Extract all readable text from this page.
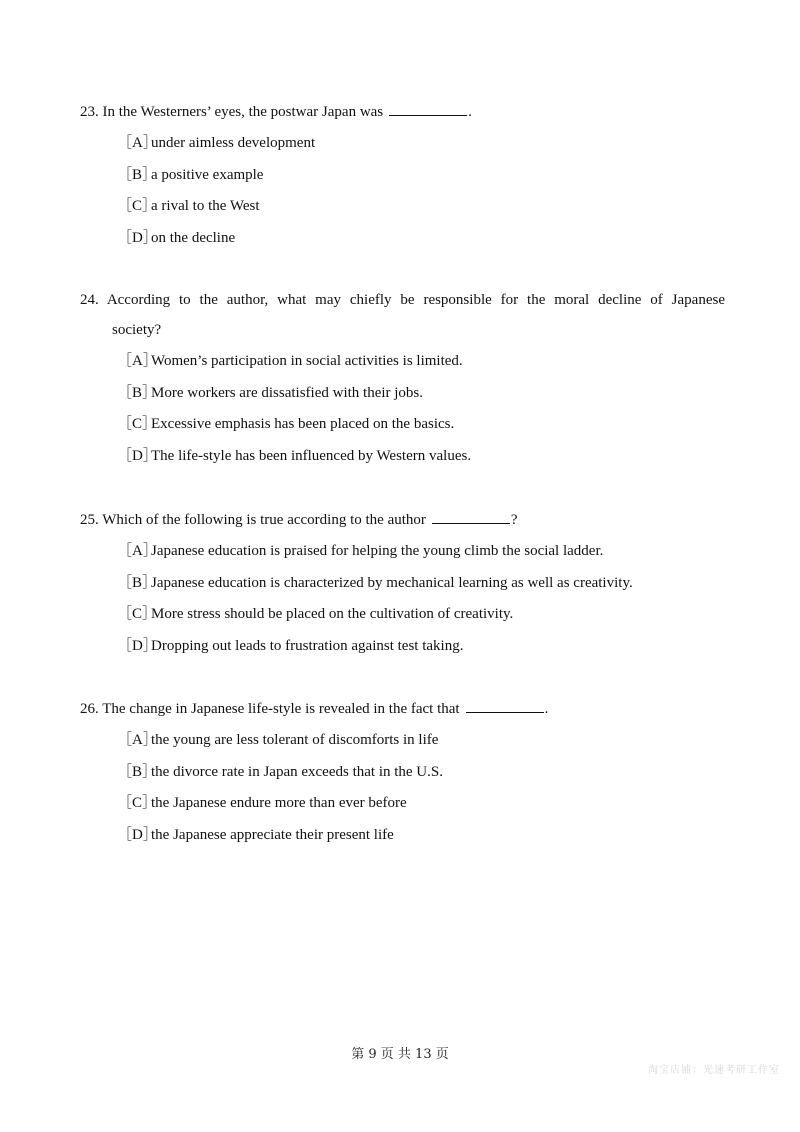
23. In the Westerners’ eyes, the postwar Japan was	.

［A］
under aimless development
［B］
a positive example
［C］
a rival to the West
［D］
on the decline

24. According to the author, what may chiefly be responsible for the moral decline of Japanese

society?

［A］
Women’s participation in social activities is limited.
［B］
More workers are dissatisfied with their jobs.
［C］
Excessive emphasis has been placed on the basics.
［D］
The life-style has been influenced by Western values.

25. Which of the following is true according to the author	?

［A］
Japanese education is praised for helping the young climb the social ladder.
［B］
Japanese education is characterized by mechanical learning as well as creativity.
［C］
More stress should be placed on the cultivation of creativity.
［D］
Dropping out leads to frustration against test taking.

26. The change in Japanese life-style is revealed in the fact that	.

［A］
the young are less tolerant of discomforts in life
［B］
the divorce rate in Japan exceeds that in the U.S.
［C］
the Japanese endure more than ever before
［D］
the Japanese appreciate their present life
第 9 页 共 13 页
淘宝店铺：光速考研工作室
